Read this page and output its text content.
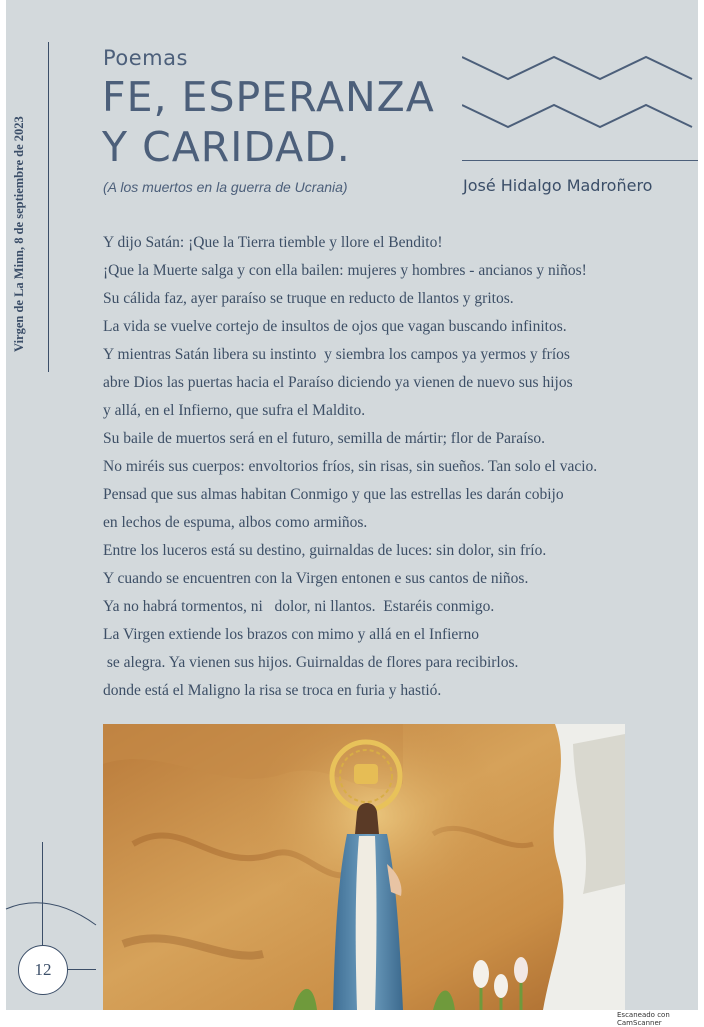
Virgen de La Minn, 8 de septiembre de 2023
Poemas
FE, ESPERANZA
Y CARIDAD.
(A los muertos en la guerra de Ucrania)	José Hidalgo Madroñero
Y dijo Satán: ¡Que la Tierra tiemble y llore el Bendito!
¡Que la Muerte salga y con ella bailen: mujeres y hombres - ancianos y niños!
Su cálida faz, ayer paraíso se truque en reducto de llantos y gritos.
La vida se vuelve cortejo de insultos de ojos que vagan buscando infinitos.
Y mientras Satán libera su instinto  y siembra los campos ya yermos y fríos
abre Dios las puertas hacia el Paraíso diciendo ya vienen de nuevo sus hijos
y allá, en el Infierno, que sufra el Maldito.
Su baile de muertos será en el futuro, semilla de mártir; flor de Paraíso.
No miréis sus cuerpos: envoltorios fríos, sin risas, sin sueños. Tan solo el vacio.
Pensad que sus almas habitan Conmigo y que las estrellas les darán cobijo
en lechos de espuma, albos como armiños.
Entre los luceros está su destino, guirnaldas de luces: sin dolor, sin frío.
Y cuando se encuentren con la Virgen entonen e sus cantos de niños.
Ya no habrá tormentos, ni   dolor, ni llantos.  Estaréis conmigo.
La Virgen extiende los brazos con mimo y allá en el Infierno
se alegra. Ya vienen sus hijos. Guirnaldas de flores para recibirlos.
donde está el Maligno la risa se troca en furia y hastió.
12
Escaneado con CamScanner
